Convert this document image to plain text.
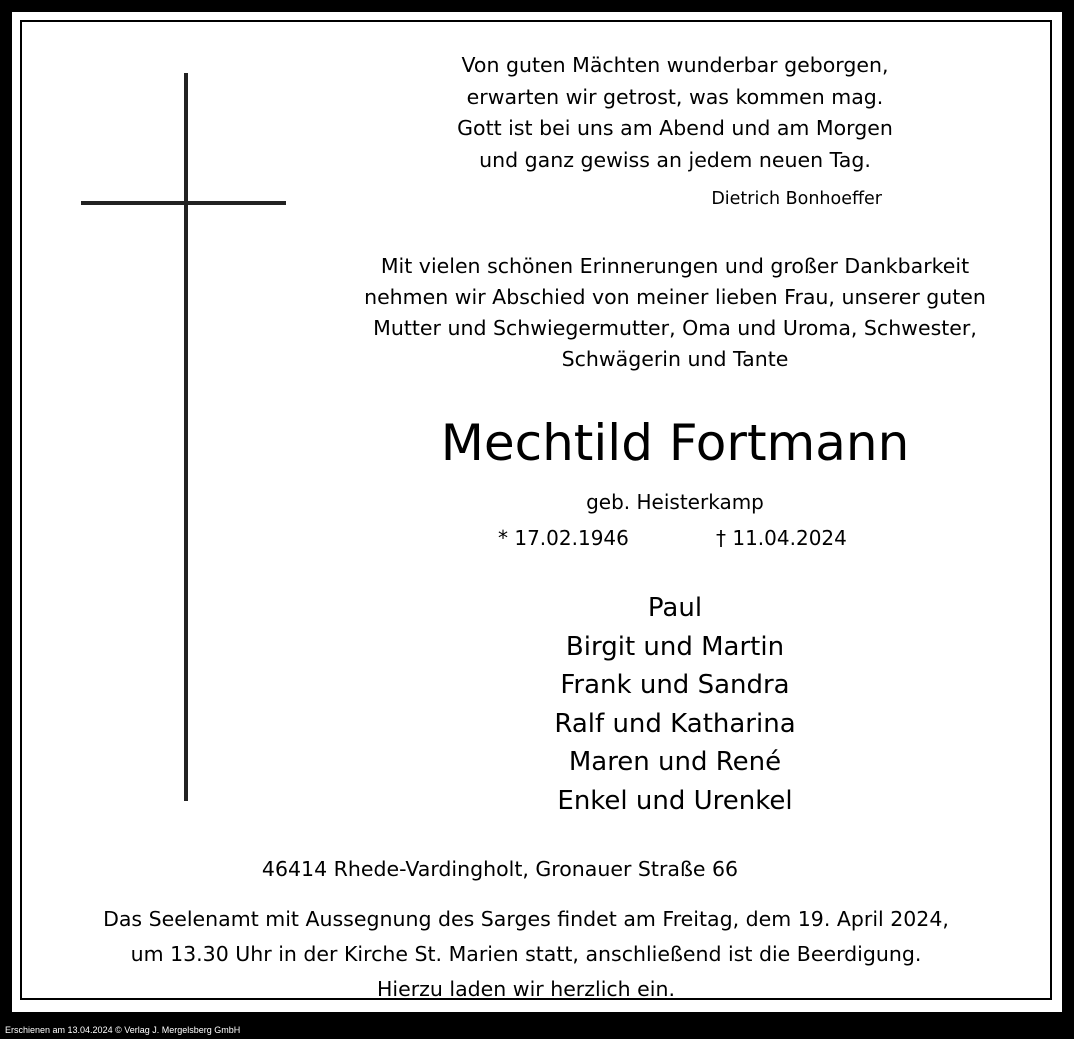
Von guten Mächten wunderbar geborgen,
erwarten wir getrost, was kommen mag.
Gott ist bei uns am Abend und am Morgen
und ganz gewiss an jedem neuen Tag.
Dietrich Bonhoeffer
Mit vielen schönen Erinnerungen und großer Dankbarkeit
nehmen wir Abschied von meiner lieben Frau, unserer guten
Mutter und Schwiegermutter, Oma und Uroma, Schwester,
Schwägerin und Tante
Mechtild Fortmann
geb. Heisterkamp
* 17.02.1946	† 11.04.2024
Paul
Birgit und Martin
Frank und Sandra
Ralf und Katharina
Maren und René
Enkel und Urenkel
46414 Rhede-Vardingholt, Gronauer Straße 66
Das Seelenamt mit Aussegnung des Sarges findet am Freitag, dem 19. April 2024,
um 13.30 Uhr in der Kirche St. Marien statt, anschließend ist die Beerdigung.
Hierzu laden wir herzlich ein.
Erschienen am 13.04.2024 © Verlag J. Mergelsberg GmbH
